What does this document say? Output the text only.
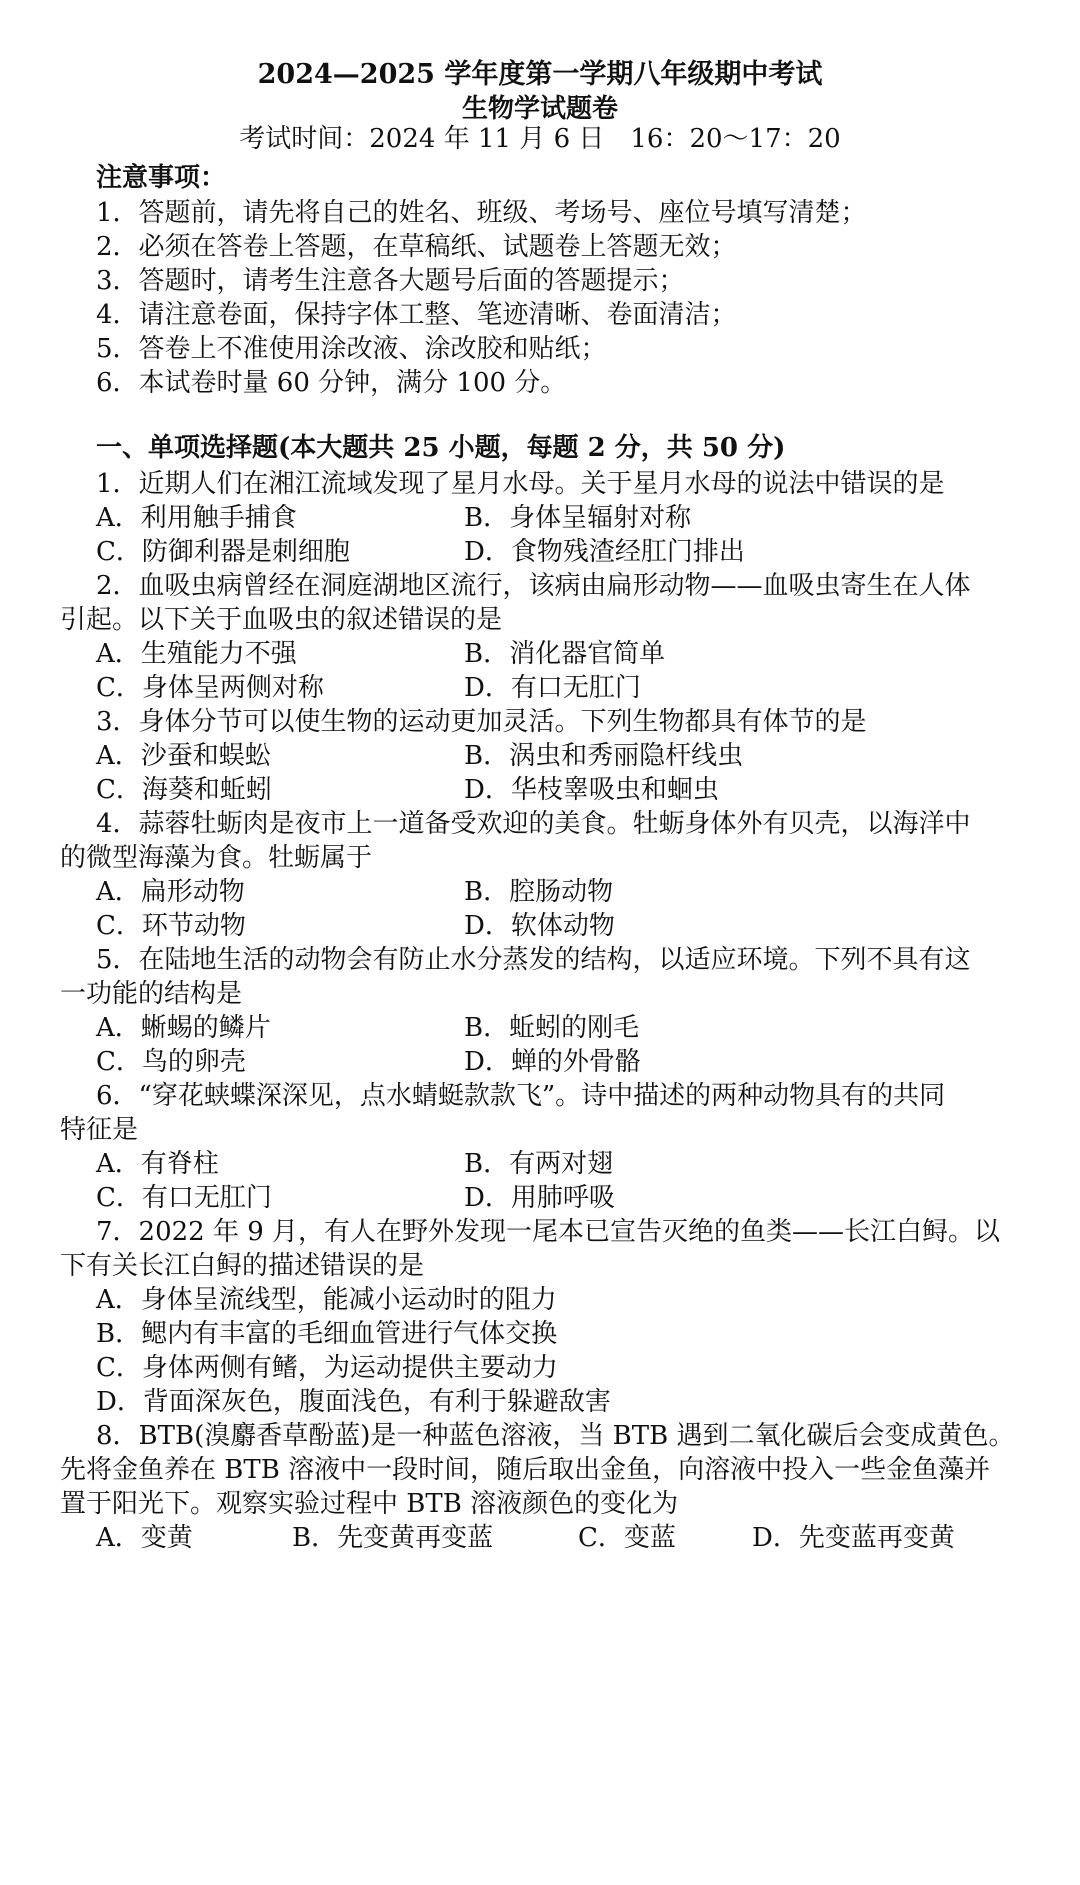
2024—2025 学年度第一学期八年级期中考试
生物学试题卷
考试时间：2024 年 11 月 6 日　16：20～17：20
注意事项：
1．答题前，请先将自己的姓名、班级、考场号、座位号填写清楚；
2．必须在答卷上答题，在草稿纸、试题卷上答题无效；
3．答题时，请考生注意各大题号后面的答题提示；
4．请注意卷面，保持字体工整、笔迹清晰、卷面清洁；
5．答卷上不准使用涂改液、涂改胶和贴纸；
6．本试卷时量 60 分钟，满分 100 分。
一、单项选择题(本大题共 25 小题，每题 2 分，共 50 分)
1．近期人们在湘江流域发现了星月水母。关于星月水母的说法中错误的是
A．利用触手捕食	B．身体呈辐射对称
C．防御利器是刺细胞	D．食物残渣经肛门排出
2．血吸虫病曾经在洞庭湖地区流行，该病由扁形动物——血吸虫寄生在人体
引起。以下关于血吸虫的叙述错误的是
A．生殖能力不强	B．消化器官简单
C．身体呈两侧对称	D．有口无肛门
3．身体分节可以使生物的运动更加灵活。下列生物都具有体节的是
A．沙蚕和蜈蚣	B．涡虫和秀丽隐杆线虫
C．海葵和蚯蚓	D．华枝睾吸虫和蛔虫
4．蒜蓉牡蛎肉是夜市上一道备受欢迎的美食。牡蛎身体外有贝壳，以海洋中
的微型海藻为食。牡蛎属于
A．扁形动物	B．腔肠动物
C．环节动物	D．软体动物
5．在陆地生活的动物会有防止水分蒸发的结构，以适应环境。下列不具有这
一功能的结构是
A．蜥蜴的鳞片	B．蚯蚓的刚毛
C．鸟的卵壳	D．蝉的外骨骼
6．“穿花蛱蝶深深见，点水蜻蜓款款飞”。诗中描述的两种动物具有的共同
特征是
A．有脊柱	B．有两对翅
C．有口无肛门	D．用肺呼吸
7．2022 年 9 月，有人在野外发现一尾本已宣告灭绝的鱼类——长江白鲟。以
下有关长江白鲟的描述错误的是
A．身体呈流线型，能减小运动时的阻力
B．鳃内有丰富的毛细血管进行气体交换
C．身体两侧有鳍，为运动提供主要动力
D．背面深灰色，腹面浅色，有利于躲避敌害
8．BTB(溴麝香草酚蓝)是一种蓝色溶液，当 BTB 遇到二氧化碳后会变成黄色。
先将金鱼养在 BTB 溶液中一段时间，随后取出金鱼，向溶液中投入一些金鱼藻并
置于阳光下。观察实验过程中 BTB 溶液颜色的变化为
A．变黄	B．先变黄再变蓝	C．变蓝	D．先变蓝再变黄
